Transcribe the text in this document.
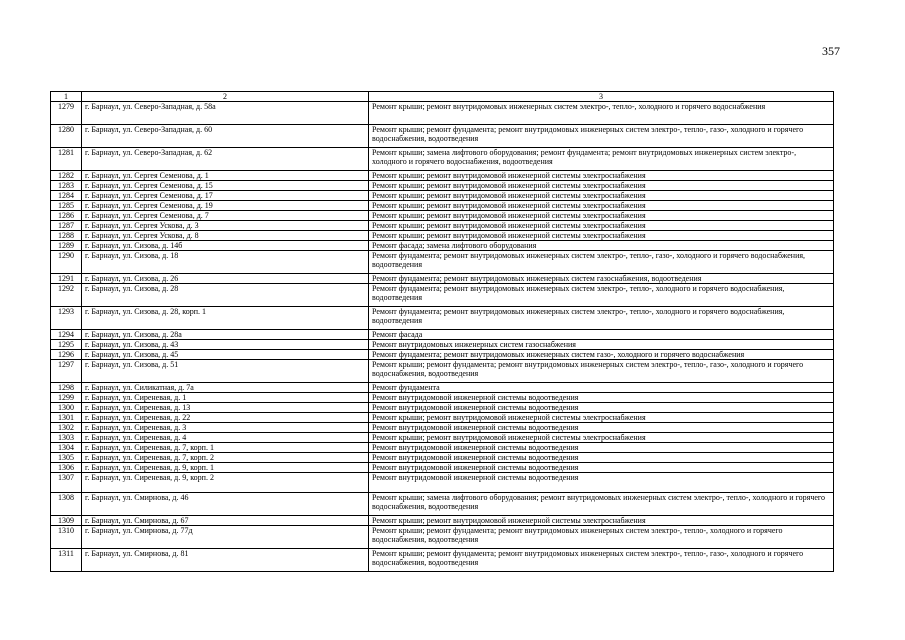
357
1	2	3
1279	г. Барнаул, ул. Северо-Западная, д. 58а	Ремонт крыши; ремонт внутридомовых инженерных систем электро-, тепло-, холодного и горячего водоснабжения
1280	г. Барнаул, ул. Северо-Западная, д. 60	Ремонт крыши; ремонт фундамента; ремонт внутридомовых инженерных систем электро-, тепло-, газо-, холодного и горячего водоснабжения, водоотведения
1281	г. Барнаул, ул. Северо-Западная, д. 62	Ремонт крыши; замена лифтового оборудования; ремонт фундамента; ремонт внутридомовых инженерных систем электро-, холодного и горячего водоснабжения, водоотведения
1282	г. Барнаул, ул. Сергея Семенова, д. 1	Ремонт крыши; ремонт внутридомовой инженерной системы электроснабжения
1283	г. Барнаул, ул. Сергея Семенова, д. 15	Ремонт крыши; ремонт внутридомовой инженерной системы электроснабжения
1284	г. Барнаул, ул. Сергея Семенова, д. 17	Ремонт крыши; ремонт внутридомовой инженерной системы электроснабжения
1285	г. Барнаул, ул. Сергея Семенова, д. 19	Ремонт крыши; ремонт внутридомовой инженерной системы электроснабжения
1286	г. Барнаул, ул. Сергея Семенова, д. 7	Ремонт крыши; ремонт внутридомовой инженерной системы электроснабжения
1287	г. Барнаул, ул. Сергея Ускова, д. 3	Ремонт крыши; ремонт внутридомовой инженерной системы электроснабжения
1288	г. Барнаул, ул. Сергея Ускова, д. 8	Ремонт крыши; ремонт внутридомовой инженерной системы электроснабжения
1289	г. Барнаул, ул. Сизова, д. 14б	Ремонт фасада; замена лифтового оборудования
1290	г. Барнаул, ул. Сизова, д. 18	Ремонт фундамента; ремонт внутридомовых инженерных систем электро-, тепло-, газо-, холодного и горячего водоснабжения, водоотведения
1291	г. Барнаул, ул. Сизова, д. 26	Ремонт фундамента; ремонт внутридомовых инженерных систем газоснабжения, водоотведения
1292	г. Барнаул, ул. Сизова, д. 28	Ремонт фундамента; ремонт внутридомовых инженерных систем электро-, тепло-, холодного и горячего водоснабжения, водоотведения
1293	г. Барнаул, ул. Сизова, д. 28, корп. 1	Ремонт фундамента; ремонт внутридомовых инженерных систем электро-, тепло-, холодного и горячего водоснабжения, водоотведения
1294	г. Барнаул, ул. Сизова, д. 28а	Ремонт фасада
1295	г. Барнаул, ул. Сизова, д. 43	Ремонт внутридомовых инженерных систем газоснабжения
1296	г. Барнаул, ул. Сизова, д. 45	Ремонт фундамента; ремонт внутридомовых инженерных систем газо-, холодного и горячего водоснабжения
1297	г. Барнаул, ул. Сизова, д. 51	Ремонт крыши; ремонт фундамента; ремонт внутридомовых инженерных систем электро-, тепло-, газо-, холодного и горячего водоснабжения, водоотведения
1298	г. Барнаул, ул. Силикатная, д. 7а	Ремонт фундамента
1299	г. Барнаул, ул. Сиреневая, д. 1	Ремонт внутридомовой инженерной системы водоотведения
1300	г. Барнаул, ул. Сиреневая, д. 13	Ремонт внутридомовой инженерной системы водоотведения
1301	г. Барнаул, ул. Сиреневая, д. 22	Ремонт крыши; ремонт внутридомовой инженерной системы электроснабжения
1302	г. Барнаул, ул. Сиреневая, д. 3	Ремонт внутридомовой инженерной системы водоотведения
1303	г. Барнаул, ул. Сиреневая, д. 4	Ремонт крыши; ремонт внутридомовой инженерной системы электроснабжения
1304	г. Барнаул, ул. Сиреневая, д. 7, корп. 1	Ремонт внутридомовой инженерной системы водоотведения
1305	г. Барнаул, ул. Сиреневая, д. 7, корп. 2	Ремонт внутридомовой инженерной системы водоотведения
1306	г. Барнаул, ул. Сиреневая, д. 9, корп. 1	Ремонт внутридомовой инженерной системы водоотведения
1307	г. Барнаул, ул. Сиреневая, д. 9, корп. 2	Ремонт внутридомовой инженерной системы водоотведения
1308	г. Барнаул, ул. Смирнова, д. 46	Ремонт крыши; замена лифтового оборудования; ремонт внутридомовых инженерных систем электро-, тепло-, холодного и горячего водоснабжения, водоотведения
1309	г. Барнаул, ул. Смирнова, д. 67	Ремонт крыши; ремонт внутридомовой инженерной системы электроснабжения
1310	г. Барнаул, ул. Смирнова, д. 77д	Ремонт крыши; ремонт фундамента; ремонт внутридомовых инженерных систем электро-, тепло-, холодного и горячего водоснабжения, водоотведения
1311	г. Барнаул, ул. Смирнова, д. 81	Ремонт крыши; ремонт фундамента; ремонт внутридомовых инженерных систем электро-, тепло-, газо-, холодного и горячего водоснабжения, водоотведения
